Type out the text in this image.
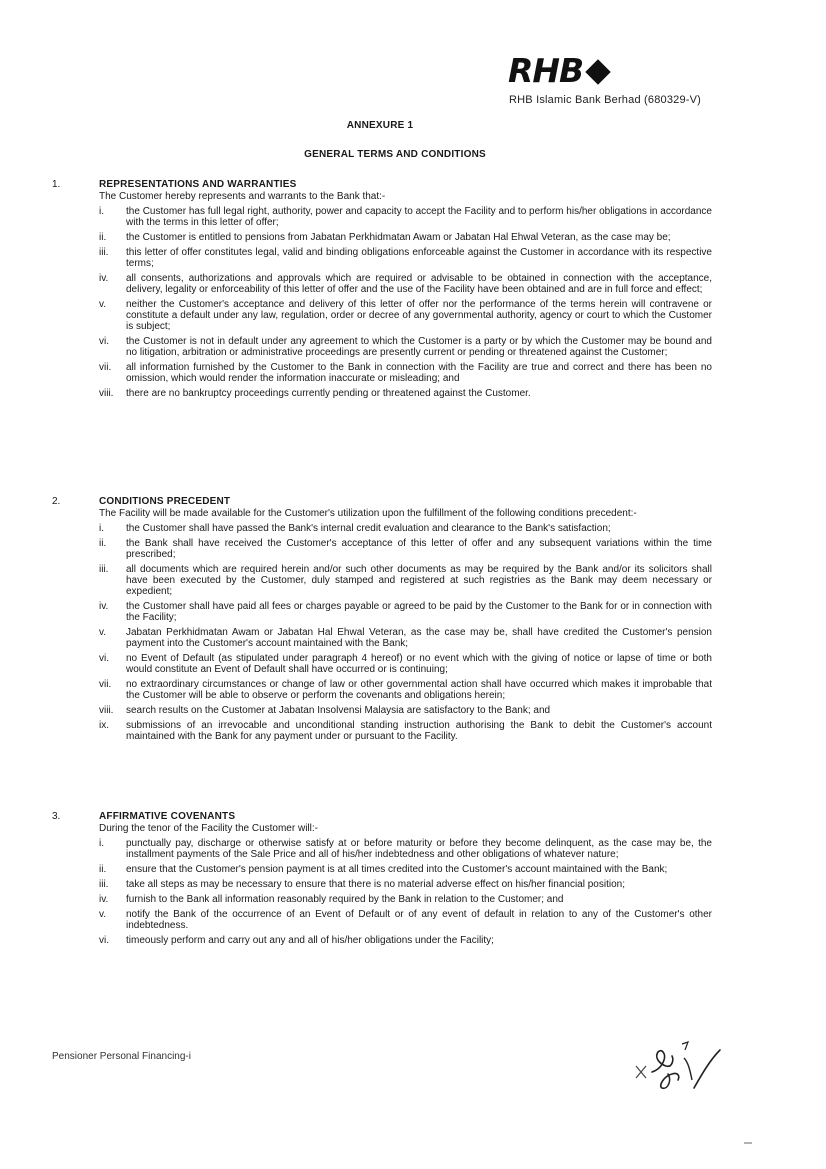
RHB
RHB Islamic Bank Berhad (680329-V)
ANNEXURE 1
GENERAL TERMS AND CONDITIONS
1.	REPRESENTATIONS AND WARRANTIES
The Customer hereby represents and warrants to the Bank that:-
i. the Customer has full legal right, authority, power and capacity to accept the Facility and to perform his/her obligations in accordance with the terms in this letter of offer;
ii. the Customer is entitled to pensions from Jabatan Perkhidmatan Awam or Jabatan Hal Ehwal Veteran, as the case may be;
iii. this letter of offer constitutes legal, valid and binding obligations enforceable against the Customer in accordance with its respective terms;
iv. all consents, authorizations and approvals which are required or advisable to be obtained in connection with the acceptance, delivery, legality or enforceability of this letter of offer and the use of the Facility have been obtained and are in full force and effect;
v. neither the Customer's acceptance and delivery of this letter of offer nor the performance of the terms herein will contravene or constitute a default under any law, regulation, order or decree of any governmental authority, agency or court to which the Customer is subject;
vi. the Customer is not in default under any agreement to which the Customer is a party or by which the Customer may be bound and no litigation, arbitration or administrative proceedings are presently current or pending or threatened against the Customer;
vii. all information furnished by the Customer to the Bank in connection with the Facility are true and correct and there has been no omission, which would render the information inaccurate or misleading; and
viii. there are no bankruptcy proceedings currently pending or threatened against the Customer.
2.	CONDITIONS PRECEDENT
The Facility will be made available for the Customer's utilization upon the fulfillment of the following conditions precedent:-
i. the Customer shall have passed the Bank's internal credit evaluation and clearance to the Bank's satisfaction;
ii. the Bank shall have received the Customer's acceptance of this letter of offer and any subsequent variations within the time prescribed;
iii. all documents which are required herein and/or such other documents as may be required by the Bank and/or its solicitors shall have been executed by the Customer, duly stamped and registered at such registries as the Bank may deem necessary or expedient;
iv. the Customer shall have paid all fees or charges payable or agreed to be paid by the Customer to the Bank for or in connection with the Facility;
v. Jabatan Perkhidmatan Awam or Jabatan Hal Ehwal Veteran, as the case may be, shall have credited the Customer's pension payment into the Customer's account maintained with the Bank;
vi. no Event of Default (as stipulated under paragraph 4 hereof) or no event which with the giving of notice or lapse of time or both would constitute an Event of Default shall have occurred or is continuing;
vii. no extraordinary circumstances or change of law or other governmental action shall have occurred which makes it improbable that the Customer will be able to observe or perform the covenants and obligations herein;
viii. search results on the Customer at Jabatan Insolvensi Malaysia are satisfactory to the Bank; and
ix. submissions of an irrevocable and unconditional standing instruction authorising the Bank to debit the Customer's account maintained with the Bank for any payment under or pursuant to the Facility.
3.	AFFIRMATIVE COVENANTS
During the tenor of the Facility the Customer will:-
i. punctually pay, discharge or otherwise satisfy at or before maturity or before they become delinquent, as the case may be, the installment payments of the Sale Price and all of his/her indebtedness and other obligations of whatever nature;
ii. ensure that the Customer's pension payment is at all times credited into the Customer's account maintained with the Bank;
iii. take all steps as may be necessary to ensure that there is no material adverse effect on his/her financial position;
iv. furnish to the Bank all information reasonably required by the Bank in relation to the Customer; and
v. notify the Bank of the occurrence of an Event of Default or of any event of default in relation to any of the Customer's other indebtedness.
vi. timeously perform and carry out any and all of his/her obligations under the Facility;
Pensioner Personal Financing-i
